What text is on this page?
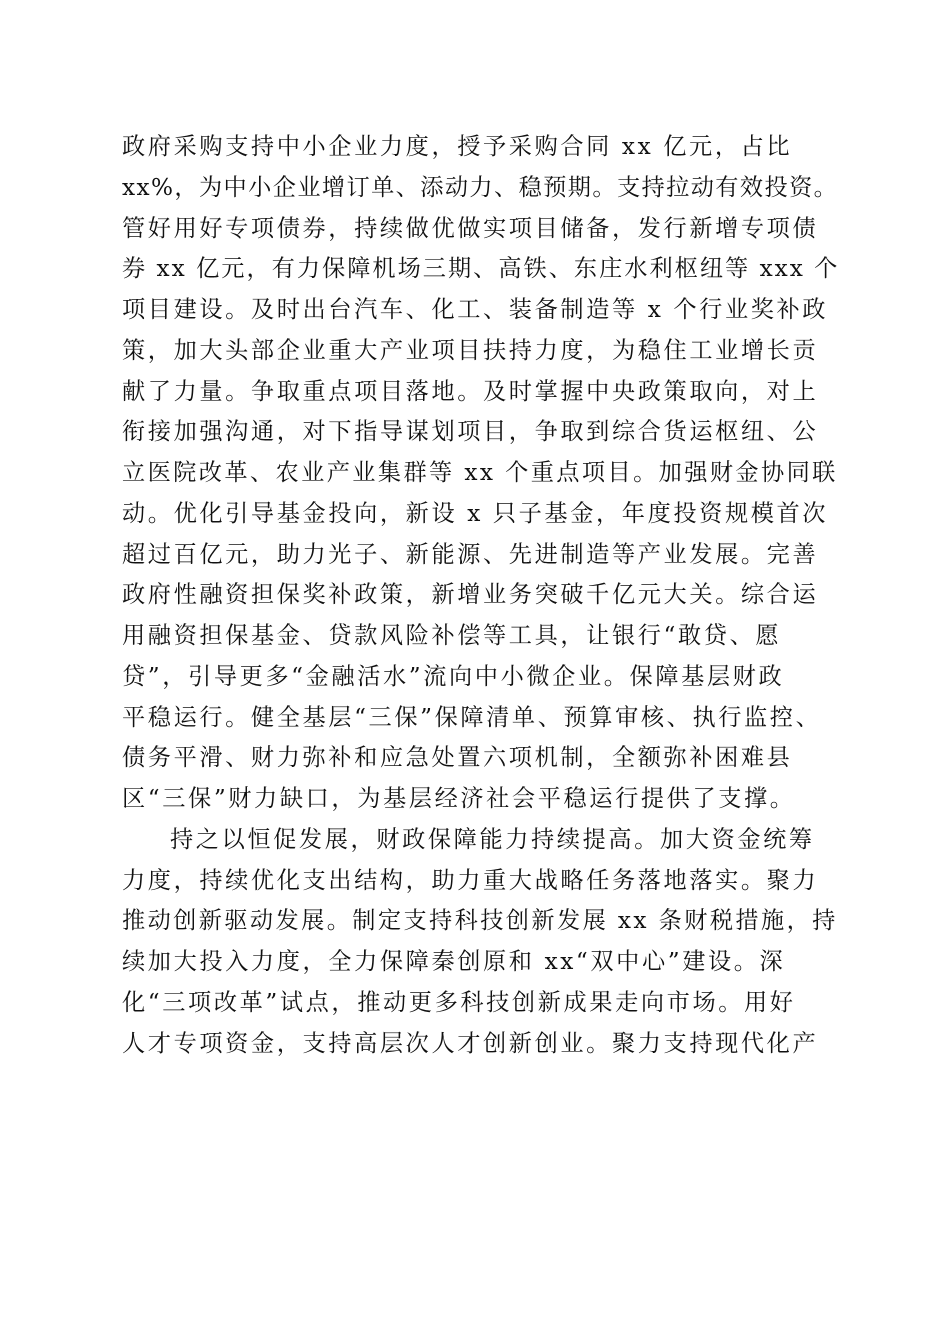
政府采购支持中小企业力度，授予采购合同 xx 亿元，占比
xx%，为中小企业增订单、添动力、稳预期。支持拉动有效投资。
管好用好专项债券，持续做优做实项目储备，发行新增专项债
券 xx 亿元，有力保障机场三期、高铁、东庄水利枢纽等 xxx 个
项目建设。及时出台汽车、化工、装备制造等 x 个行业奖补政
策，加大头部企业重大产业项目扶持力度，为稳住工业增长贡
献了力量。争取重点项目落地。及时掌握中央政策取向，对上
衔接加强沟通，对下指导谋划项目，争取到综合货运枢纽、公
立医院改革、农业产业集群等 xx 个重点项目。加强财金协同联
动。优化引导基金投向，新设 x 只子基金，年度投资规模首次
超过百亿元，助力光子、新能源、先进制造等产业发展。完善
政府性融资担保奖补政策，新增业务突破千亿元大关。综合运
用融资担保基金、贷款风险补偿等工具，让银行“敢贷、愿
贷”，引导更多“金融活水”流向中小微企业。保障基层财政
平稳运行。健全基层“三保”保障清单、预算审核、执行监控、
债务平滑、财力弥补和应急处置六项机制，全额弥补困难县
区“三保”财力缺口，为基层经济社会平稳运行提供了支撑。
持之以恒促发展，财政保障能力持续提高。加大资金统筹
力度，持续优化支出结构，助力重大战略任务落地落实。聚力
推动创新驱动发展。制定支持科技创新发展 xx 条财税措施，持
续加大投入力度，全力保障秦创原和 xx“双中心”建设。深
化“三项改革”试点，推动更多科技创新成果走向市场。用好
人才专项资金，支持高层次人才创新创业。聚力支持现代化产
